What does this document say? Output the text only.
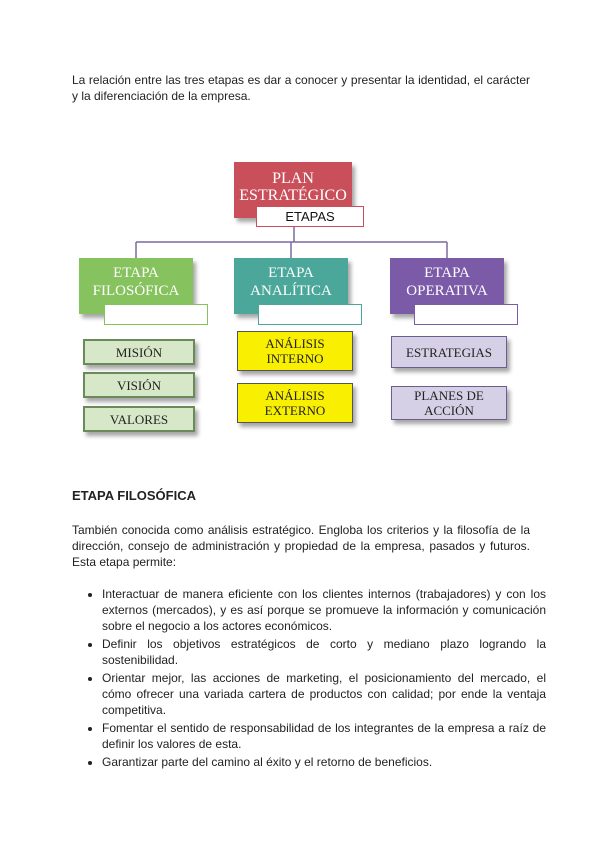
La relación entre las tres etapas es dar a conocer y presentar la identidad, el carácter y la diferenciación de la empresa.

PLAN ESTRATÉGICO
ETAPAS
ETAPA FILOSÓFICA
ETAPA ANALÍTICA
ETAPA OPERATIVA
MISIÓN
VISIÓN
VALORES
ANÁLISIS INTERNO
ANÁLISIS EXTERNO
ESTRATEGIAS
PLANES DE ACCIÓN
ETAPA FILOSÓFICA

También conocida como análisis estratégico. Engloba los criterios y la filosofía de la dirección, consejo de administración y propiedad de la empresa, pasados y futuros. Esta etapa permite:

• Interactuar de manera eficiente con los clientes internos (trabajadores) y con los externos (mercados), y es así porque se promueve la información y comunicación sobre el negocio a los actores económicos.
• Definir los objetivos estratégicos de corto y mediano plazo logrando la sostenibilidad.
• Orientar mejor, las acciones de marketing, el posicionamiento del mercado, el cómo ofrecer una variada cartera de productos con calidad; por ende la ventaja competitiva.
• Fomentar el sentido de responsabilidad de los integrantes de la empresa a raíz de definir los valores de esta.
• Garantizar parte del camino al éxito y el retorno de beneficios.
